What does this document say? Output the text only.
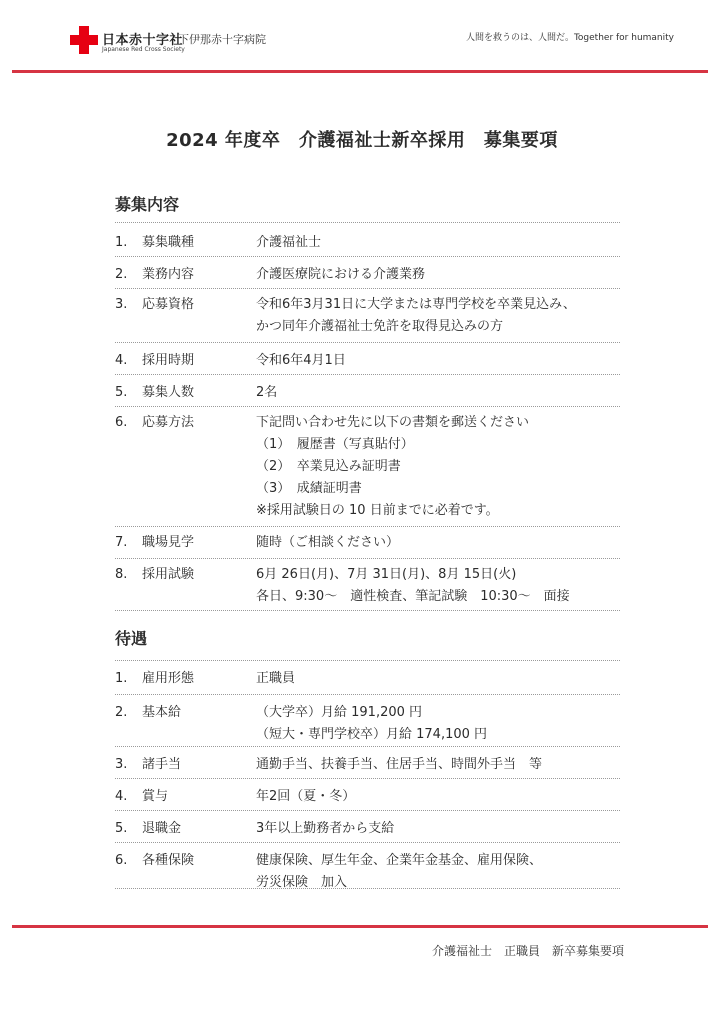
日本赤十字社
Japanese Red Cross Society
下伊那赤十字病院	人間を救うのは、人間だ。Together for humanity
2024 年度卒　介護福祉士新卒採用　募集要項
募集内容
1.	募集職種	介護福祉士
2.	業務内容	介護医療院における介護業務
3.	応募資格	令和6年3月31日に大学または専門学校を卒業見込み、
かつ同年介護福祉士免許を取得見込みの方
4.	採用時期	令和6年4月1日
5.	募集人数	2名
6.	応募方法	下記問い合わせ先に以下の書類を郵送ください
（1）　履歴書（写真貼付）
（2）　卒業見込み証明書
（3）　成績証明書
※採用試験日の 10 日前までに必着です。
7.	職場見学	随時（ご相談ください）
8.	採用試験	6月 26日(月)、7月 31日(月)、8月 15日(火)
各日、9:30～　適性検査、筆記試験　10:30～　面接
待遇
1.	雇用形態	正職員
2.	基本給	（大学卒）月給 191,200 円
（短大・専門学校卒）月給 174,100 円
3.	諸手当	通勤手当、扶養手当、住居手当、時間外手当　等
4.	賞与	年2回（夏・冬）
5.	退職金	3年以上勤務者から支給
6.	各種保険	健康保険、厚生年金、企業年金基金、雇用保険、
労災保険　加入
介護福祉士　正職員　新卒募集要項
